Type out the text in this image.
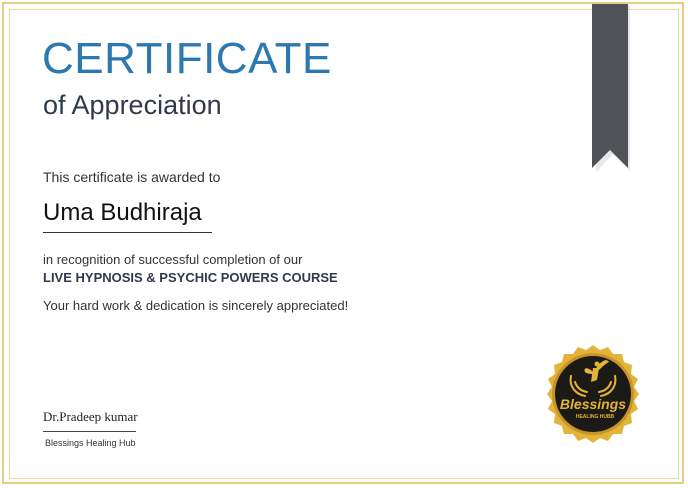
CERTIFICATE
of Appreciation
This certificate is awarded to
Uma Budhiraja
in recognition of successful completion of our
LIVE HYPNOSIS & PSYCHIC POWERS COURSE
Your hard work & dedication is sincerely appreciated!
Dr.Pradeep kumar
Blessings Healing Hub
Blessings
HEALING HUBB
